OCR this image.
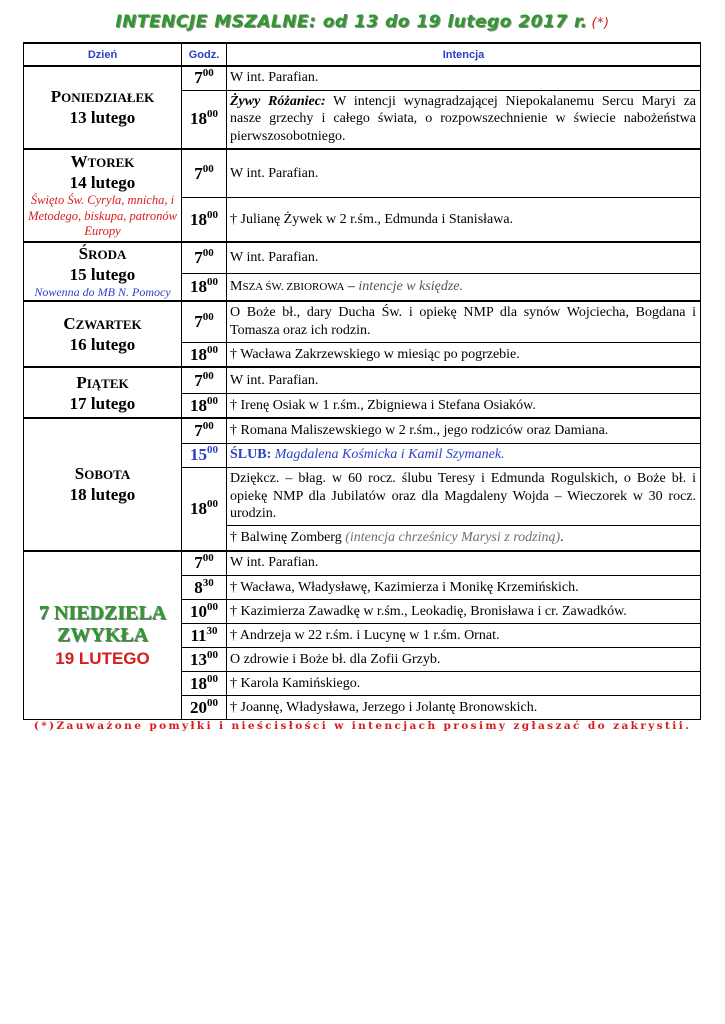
INTENCJE MSZALNE: od 13 do 19 lutego 2017 r. (*)
Dzień	Godz.	Intencja

PONIEDZIAŁEK
13 lutego	$7^{00}$	W int. Parafian.
	$18^{00}$	Żywy Różaniec: W intencji wynagradzającej Niepokalanemu Sercu Maryi za nasze grzechy i całego świata, o rozpowszechnienie w świecie nabożeństwa pierwszosobotniego.

WTOREK
14 lutego
Święto Św. Cyryla, mnicha, i Metodego, biskupa, patronów Europy	$7^{00}$	W int. Parafian.
	$18^{00}$	† Julianę Żywek w 2 r.śm., Edmunda i Stanisława.

ŚRODA
15 lutego
Nowenna do MB N. Pomocy	$7^{00}$	W int. Parafian.
	$18^{00}$	MSZA ŚW. ZBIOROWA – intencje w księdze.

CZWARTEK
16 lutego	$7^{00}$	O Boże bł., dary Ducha Św. i opiekę NMP dla synów Wojciecha, Bogdana i Tomasza oraz ich rodzin.
	$18^{00}$	† Wacława Zakrzewskiego w miesiąc po pogrzebie.

PIĄTEK
17 lutego	$7^{00}$	W int. Parafian.
	$18^{00}$	† Irenę Osiak w 1 r.śm., Zbigniewa i Stefana Osiaków.

SOBOTA
18 lutego	$7^{00}$	† Romana Maliszewskiego w 2 r.śm., jego rodziców oraz Damiana.
	$15^{00}$	ŚLUB: Magdalena Kośmicka i Kamil Szymanek.
	$18^{00}$	Dziękcz. – błag. w 60 rocz. ślubu Teresy i Edmunda Rogulskich, o Boże bł. i opiekę NMP dla Jubilatów oraz dla Magdaleny Wojda – Wieczorek w 30 rocz. urodzin.
		† Balwinę Zomberg (intencja chrześnicy Marysi z rodziną).

7 NIEDZIELA ZWYKŁA
19 LUTEGO	$7^{00}$	W int. Parafian.
	$8^{30}$	† Wacława, Władysławę, Kazimierza i Monikę Krzemińskich.
	$10^{00}$	† Kazimierza Zawadkę w r.śm., Leokadię, Bronisława i cr. Zawadków.
	$11^{30}$	† Andrzeja w 22 r.śm. i Lucynę w 1 r.śm. Ornat.
	$13^{00}$	O zdrowie i Boże bł. dla Zofii Grzyb.
	$18^{00}$	† Karola Kamińskiego.
	$20^{00}$	† Joannę, Władysława, Jerzego i Jolantę Bronowskich.
(*)Zauważone pomyłki i nieścisłości w intencjach prosimy zgłaszać do zakrystii.
